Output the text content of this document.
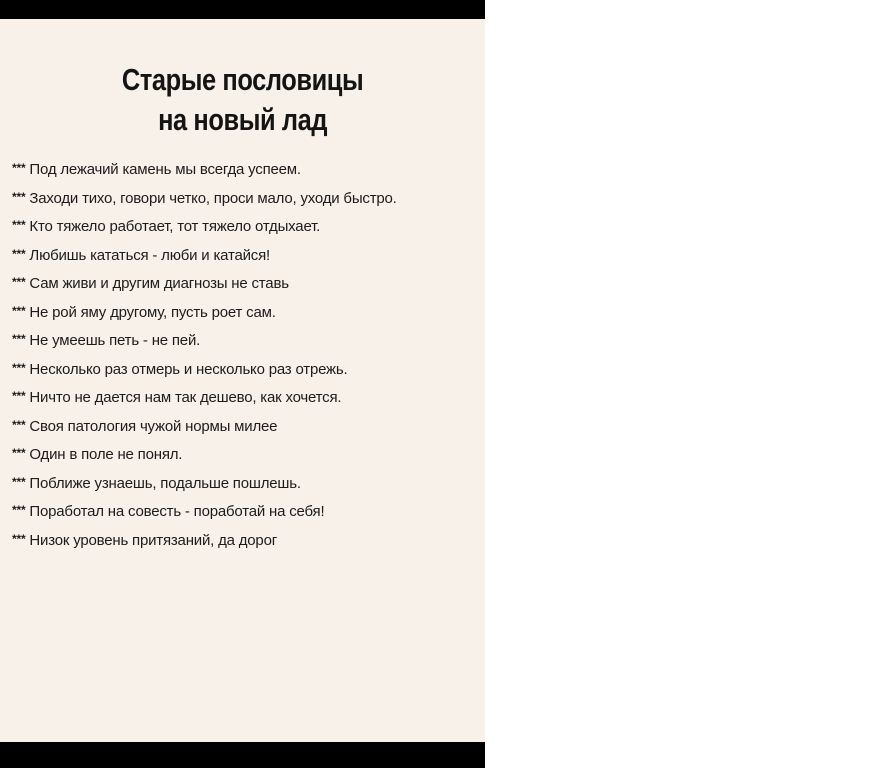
Старые пословицы
на новый лад

*** Под лежачий камень мы всегда успеем.

*** Заходи тихо, говори четко, проси мало, уходи быстро.

*** Кто тяжело работает, тот тяжело отдыхает.

*** Любишь кататься - люби и катайся!

*** Сам живи и другим диагнозы не ставь

*** Не рой яму другому, пусть роет сам.

*** Не умеешь петь - не пей.

*** Несколько раз отмерь и несколько раз отрежь.

*** Ничто не дается нам так дешево, как хочется.

*** Своя патология чужой нормы милее

*** Один в поле не понял.

*** Поближе узнаешь, подальше пошлешь.

*** Поработал на совесть - поработай на себя!

*** Низок уровень притязаний, да дорог
